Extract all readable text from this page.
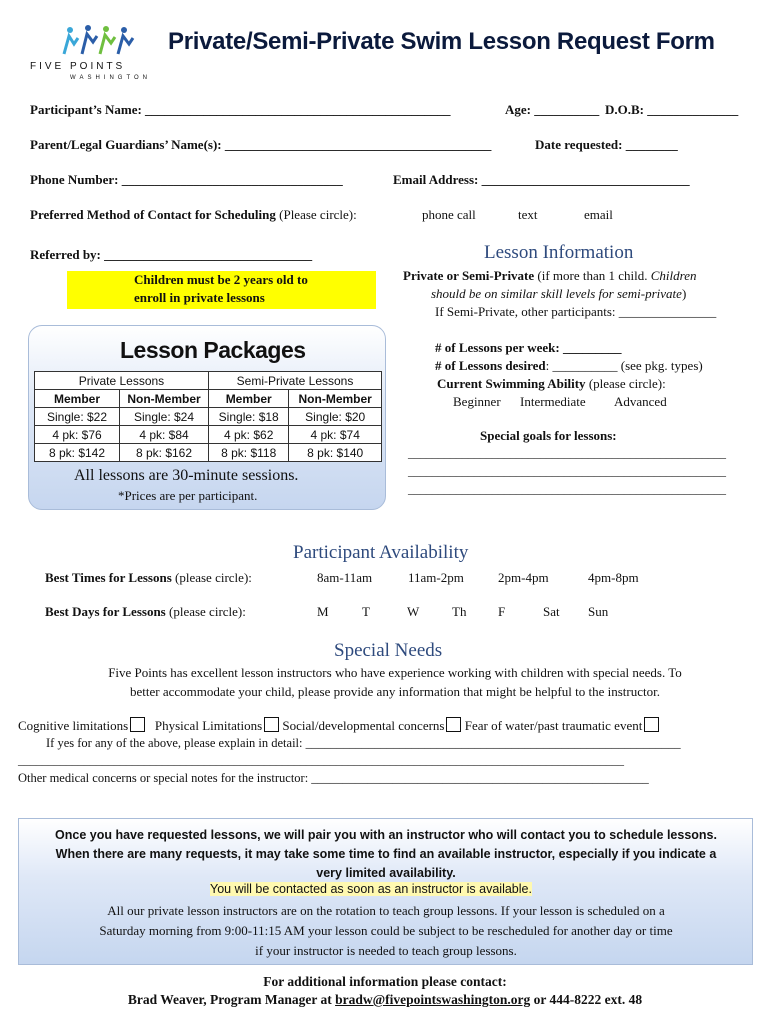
FIVE POINTS
WASHINGTON
Private/Semi-Private Swim Lesson Request Form
Participant’s Name: _______________________________________________	Age: __________ D.O.B: ______________
Parent/Legal Guardians’ Name(s): _________________________________________	Date requested: ________
Phone Number: __________________________________	Email Address: ________________________________
Preferred Method of Contact for Scheduling (Please circle):	phone call	text	email
Referred by: ________________________________
Children must be 2 years old to
enroll in private lessons
Lesson Packages
Private Lessons		Semi-Private Lessons	
Member	Non-Member	Member	Non-Member
Single: $22	Single: $24	Single: $18	Single: $20
4 pk: $76	4 pk: $84	4 pk: $62	4 pk: $74
8 pk: $142	8 pk: $162	8 pk: $118	8 pk: $140
All lessons are 30-minute sessions.
*Prices are per participant.
Lesson Information
Private or Semi-Private (if more than 1 child. Children
should be on similar skill levels for semi-private)
If Semi-Private, other participants: _______________
# of Lessons per week: _________
# of Lessons desired: __________ (see pkg. types)
Current Swimming Ability (please circle):
Beginner Intermediate Advanced
Special goals for lessons:
_____________________________________________________
_____________________________________________________
_____________________________________________________
Participant Availability
Best Times for Lessons (please circle):	8am-11am	11am-2pm	2pm-4pm	4pm-8pm
Best Days for Lessons (please circle):	M	T	W	Th F	Sat Sun
Special Needs
Five Points has excellent lesson instructors who have experience working with children with special needs. To
better accommodate your child, please provide any information that might be helpful to the instructor.
Cognitive limitations Physical Limitations Social/developmental concerns Fear of water/past traumatic event
If yes for any of the above, please explain in detail: ____________________________________________________________
_____________________________________________________________________________________________________
Other medical concerns or special notes for the instructor: ______________________________________________________
Once you have requested lessons, we will pair you with an instructor who will contact you to schedule lessons.
When there are many requests, it may take some time to find an available instructor, especially if you indicate a
very limited availability.
You will be contacted as soon as an instructor is available.
All our private lesson instructors are on the rotation to teach group lessons. If your lesson is scheduled on a
Saturday morning from 9:00-11:15 AM your lesson could be subject to be rescheduled for another day or time
if your instructor is needed to teach group lessons.
For additional information please contact:
Brad Weaver, Program Manager at bradw@fivepointswashington.org or 444-8222 ext. 48
